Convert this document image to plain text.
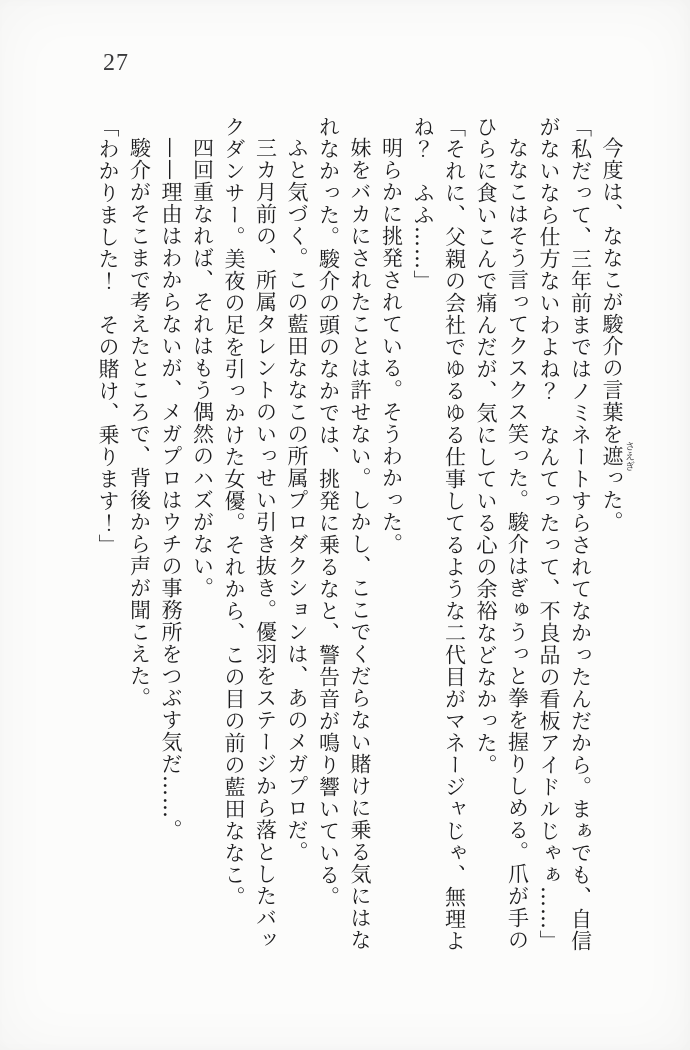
27

今度は、ななこが駿介の言葉を遮さえぎった。

「私だって、三年前まではノミネートすらされてなかったんだから。まぁでも、自信がないなら仕方ないわよね？　なんてったって、不良品の看板アイドルじゃぁ……」

ななこはそう言ってクスクス笑った。駿介はぎゅうっと拳を握りしめる。爪が手のひらに食いこんで痛んだが、気にしている心の余裕などなかった。

「それに、父親の会社でゆるゆる仕事してるような二代目がマネージャじゃ、無理よね？　ふふ……」

明らかに挑発されている。そうわかった。

妹をバカにされたことは許せない。しかし、ここでくだらない賭けに乗る気にはなれなかった。駿介の頭のなかでは、挑発に乗るなと、警告音が鳴り響いている。

ふと気づく。この藍田ななこの所属プロダクションは、あのメガプロだ。

三カ月前の、所属タレントのいっせい引き抜き。優羽をステージから落としたバックダンサー。美夜の足を引っかけた女優。それから、この目の前の藍田ななこ。

四回重なれば、それはもう偶然のハズがない。

——理由はわからないが、メガプロはウチの事務所をつぶす気だ……。

駿介がそこまで考えたところで、背後から声が聞こえた。

「わかりました！　その賭け、乗ります！」
